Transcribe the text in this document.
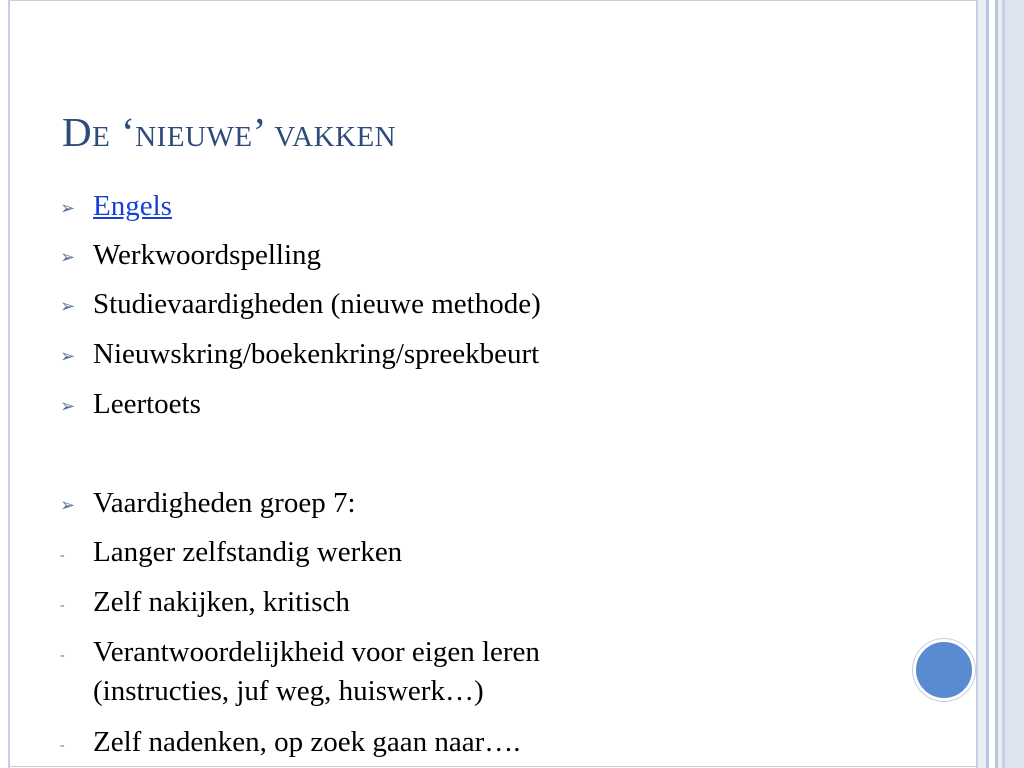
De ‘nieuwe’ vakken
➢ Engels
➢ Werkwoordspelling
➢ Studievaardigheden (nieuwe methode)
➢ Nieuwskring/boekenkring/spreekbeurt
➢ Leertoets
➢ Vaardigheden groep 7:
- Langer zelfstandig werken
- Zelf nakijken, kritisch
- Verantwoordelijkheid voor eigen leren
(instructies, juf weg, huiswerk…)
- Zelf nadenken, op zoek gaan naar….
